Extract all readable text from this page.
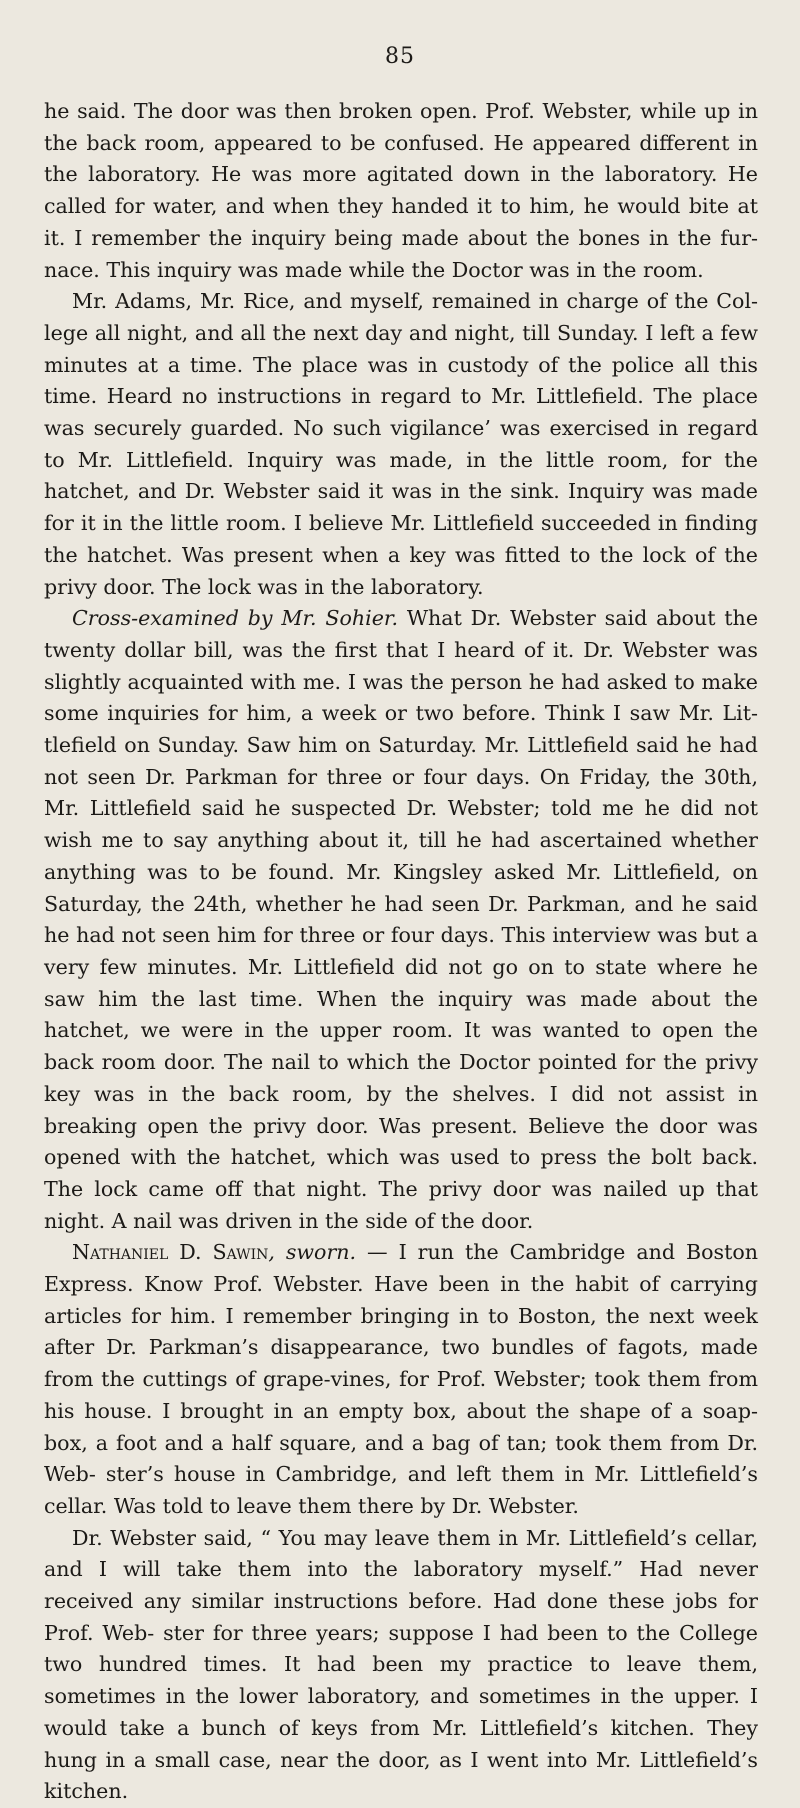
85

he said. The door was then broken open. Prof. Webster, while up in the back room, appeared to be confused. He appeared different in the laboratory. He was more agitated down in the laboratory. He called for water, and when they handed it to him, he would bite at it. I remember the inquiry being made about the bones in the fur- nace. This inquiry was made while the Doctor was in the room.

Mr. Adams, Mr. Rice, and myself, remained in charge of the Col- lege all night, and all the next day and night, till Sunday. I left a few minutes at a time. The place was in custody of the police all this time. Heard no instructions in regard to Mr. Littlefield. The place was securely guarded. No such vigilance’ was exercised in regard to Mr. Littlefield. Inquiry was made, in the little room, for the hatchet, and Dr. Webster said it was in the sink. Inquiry was made for it in the little room. I believe Mr. Littlefield succeeded in finding the hatchet. Was present when a key was fitted to the lock of the privy door. The lock was in the laboratory.

Cross-examined by Mr. Sohier. What Dr. Webster said about the twenty dollar bill, was the first that I heard of it. Dr. Webster was slightly acquainted with me. I was the person he had asked to make some inquiries for him, a week or two before. Think I saw Mr. Lit- tlefield on Sunday. Saw him on Saturday. Mr. Littlefield said he had not seen Dr. Parkman for three or four days. On Friday, the 30th, Mr. Littlefield said he suspected Dr. Webster; told me he did not wish me to say anything about it, till he had ascertained whether anything was to be found. Mr. Kingsley asked Mr. Littlefield, on Saturday, the 24th, whether he had seen Dr. Parkman, and he said he had not seen him for three or four days. This interview was but a very few minutes. Mr. Littlefield did not go on to state where he saw him the last time. When the inquiry was made about the hatchet, we were in the upper room. It was wanted to open the back room door. The nail to which the Doctor pointed for the privy key was in the back room, by the shelves. I did not assist in breaking open the privy door. Was present. Believe the door was opened with the hatchet, which was used to press the bolt back. The lock came off that night. The privy door was nailed up that night. A nail was driven in the side of the door.

Nathaniel D. Sawin, sworn. — I run the Cambridge and Boston Express. Know Prof. Webster. Have been in the habit of carrying articles for him. I remember bringing in to Boston, the next week after Dr. Parkman’s disappearance, two bundles of fagots, made from the cuttings of grape-vines, for Prof. Webster; took them from his house. I brought in an empty box, about the shape of a soap-box, a foot and a half square, and a bag of tan; took them from Dr. Web- ster’s house in Cambridge, and left them in Mr. Littlefield’s cellar. Was told to leave them there by Dr. Webster.

Dr. Webster said, “ You may leave them in Mr. Littlefield’s cellar, and I will take them into the laboratory myself.” Had never received any similar instructions before. Had done these jobs for Prof. Web- ster for three years; suppose I had been to the College two hundred times. It had been my practice to leave them, sometimes in the lower laboratory, and sometimes in the upper. I would take a bunch of keys from Mr. Littlefield’s kitchen. They hung in a small case, near the door, as I went into Mr. Littlefield’s kitchen.
